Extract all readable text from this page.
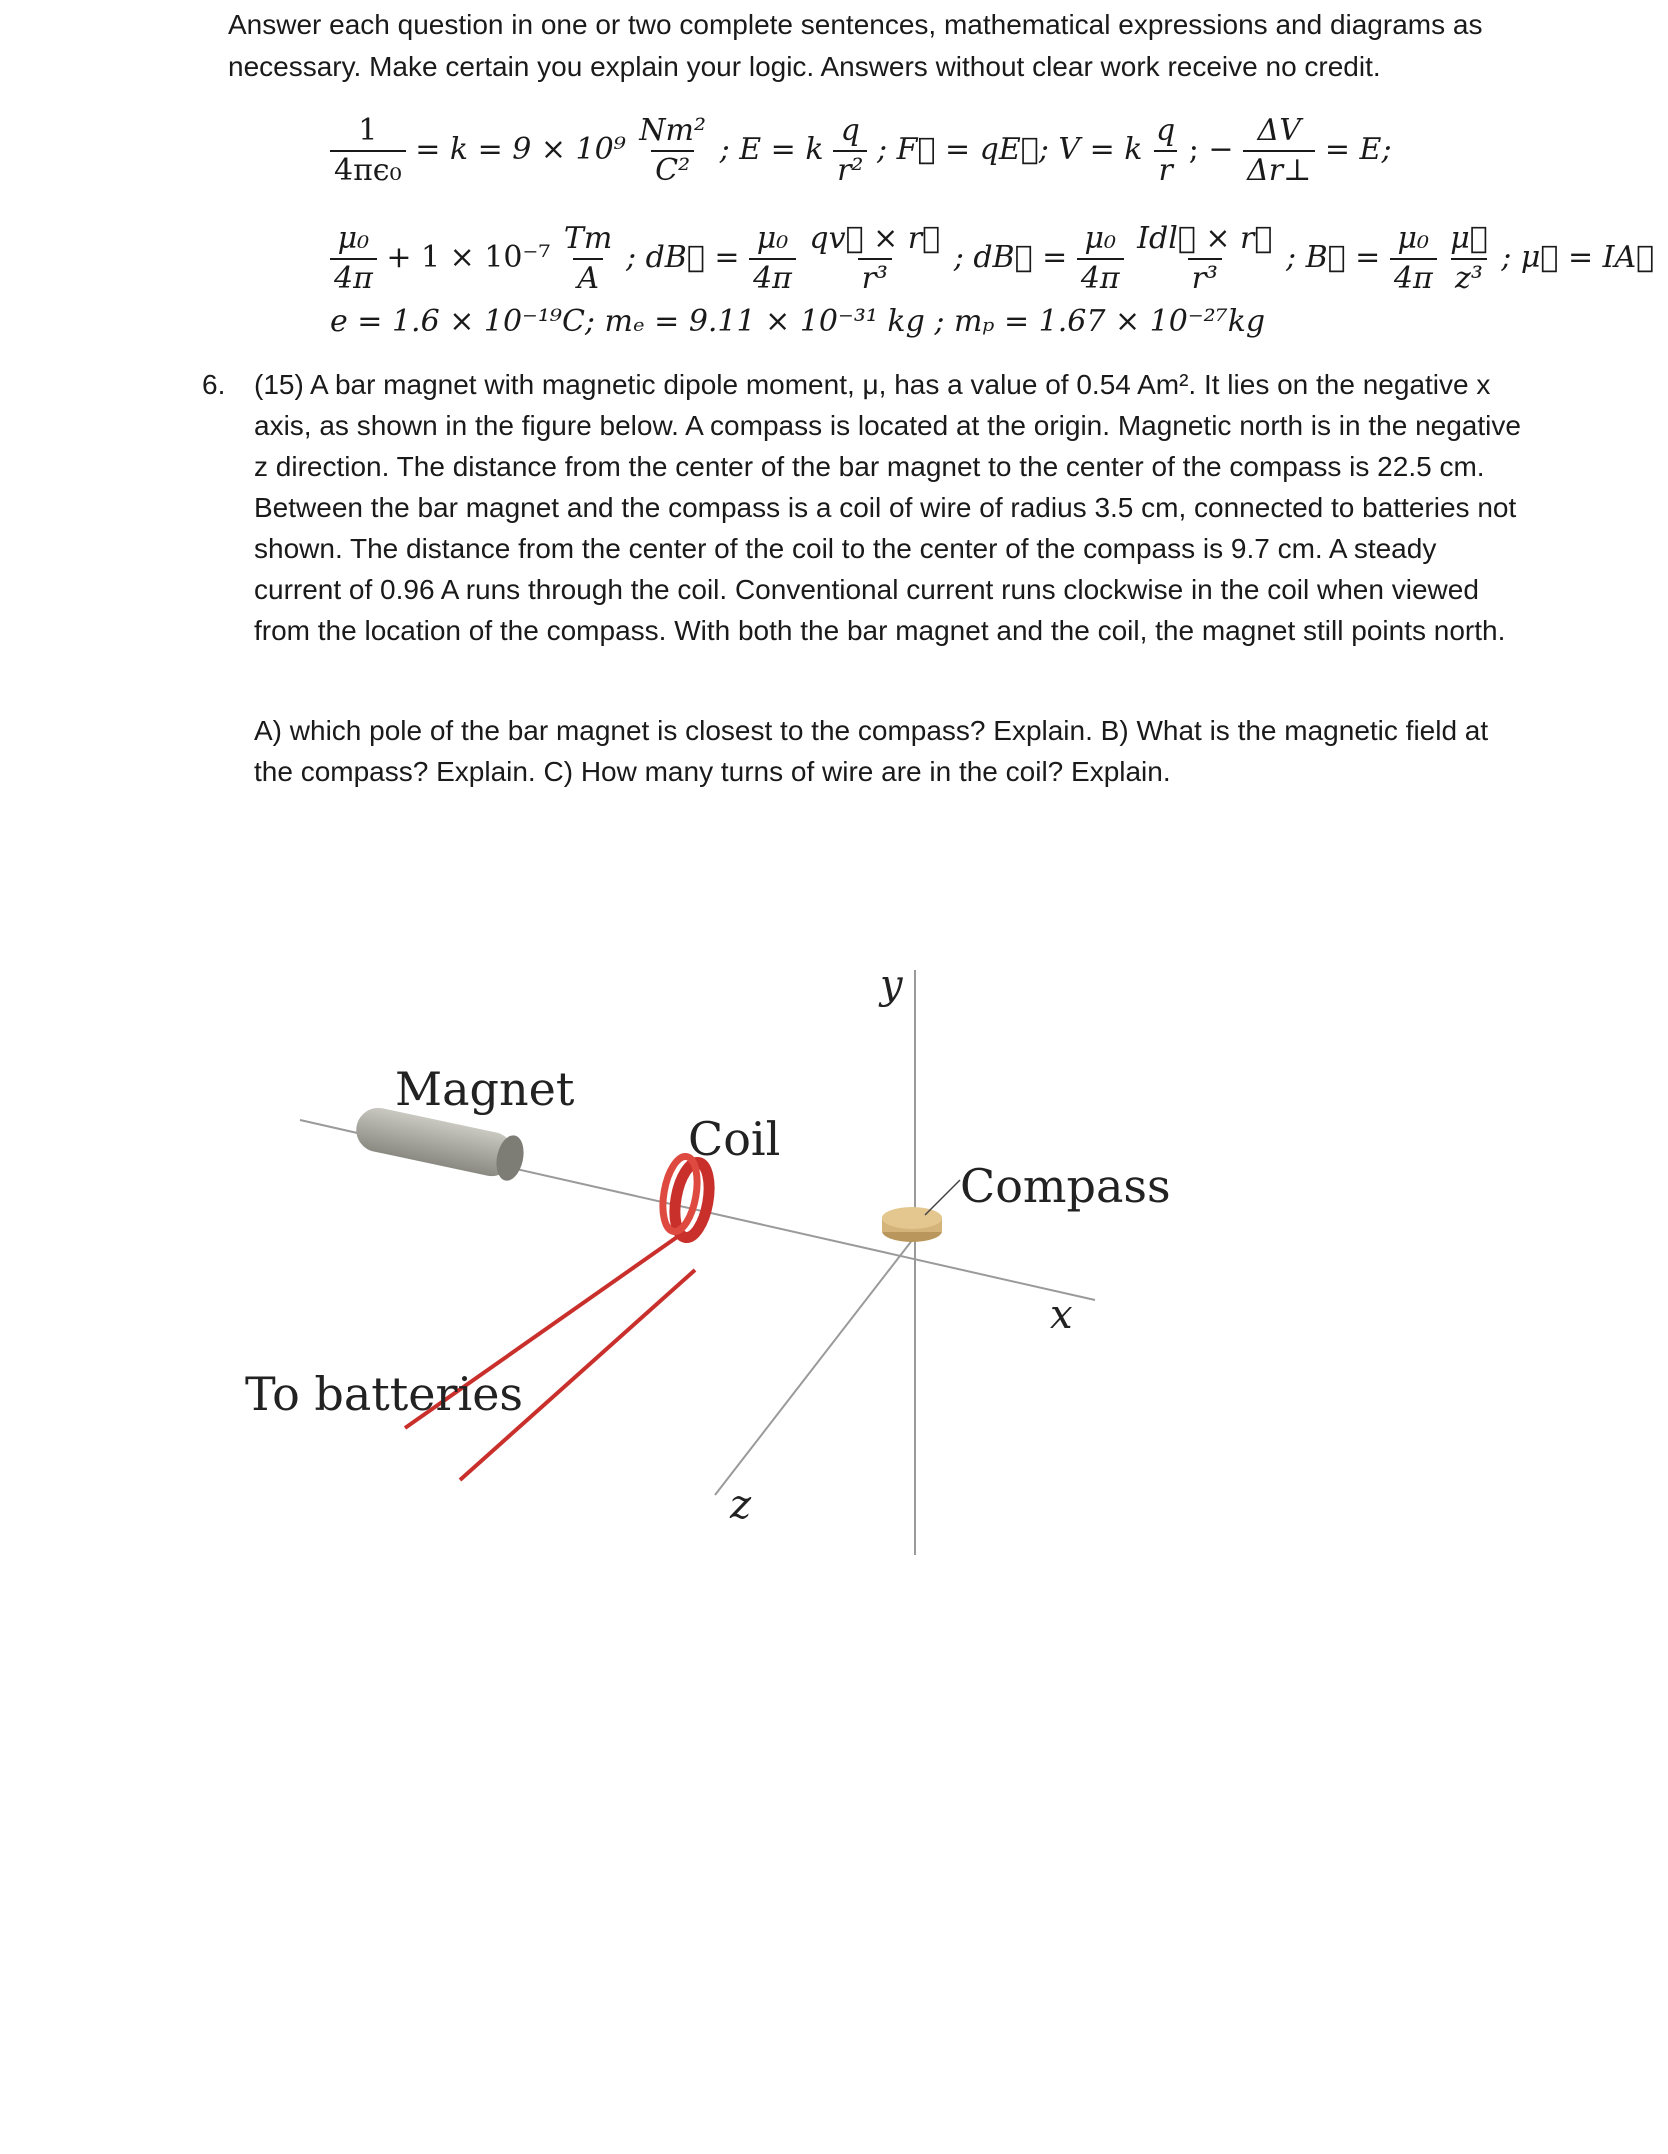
Answer each question in one or two complete sentences, mathematical expressions and diagrams as necessary. Make certain you explain your logic. Answers without clear work receive no credit.
$\frac{1}{\text{4πϵ₀}} = k = 9 \times 10^9 \frac{\text{Nm²}}{\text{C²}}$ ; E = k $\frac{q}{\text{r²}}$ ; F⃗ = qE⃗; V = k $\frac{q}{r}$ ; − $\frac{\Delta V}{\Delta r\perp} = E$;
$\frac{\text{μ₀}}{4\pi} + 1 \times 10^{-7} \frac{Tm}{A}$ ; dB⃗ = $\frac{\text{μ₀}}{4\pi}$
$\frac{qv⃗ \times r⃗}{\text{r³}}$ ; dB⃗ = $\frac{\text{μ₀}}{4\pi}$
$\frac{\text{Idl⃗ × r⃗}}{\text{r³}}$ ; B⃗ = $\frac{\text{μ₀}}{4\pi}$
$\frac{\mu⃗}{\text{z³}}$ ; μ⃗ = IA⃗
e = 1.6 × 10⁻¹⁹C; mₑ = 9.11 × 10⁻³¹ kg ; mₚ = 1.67 × 10⁻²⁷kg
6. (15) A bar magnet with magnetic dipole moment, μ, has a value of 0.54 Am². It lies on the negative x axis, as shown in the figure below. A compass is located at the origin. Magnetic north is in the negative z direction. The distance from the center of the bar magnet to the center of the compass is 22.5 cm. Between the bar magnet and the compass is a coil of wire of radius 3.5 cm, connected to batteries not shown. The distance from the center of the coil to the center of the compass is 9.7 cm. A steady current of 0.96 A runs through the coil. Conventional current runs clockwise in the coil when viewed from the location of the compass. With both the bar magnet and the coil, the magnet still points north.
A) which pole of the bar magnet is closest to the compass? Explain. B) What is the magnetic field at the compass? Explain. C) How many turns of wire are in the coil? Explain.
Magnet
Coil
Compass
To batteries
y
x
z
